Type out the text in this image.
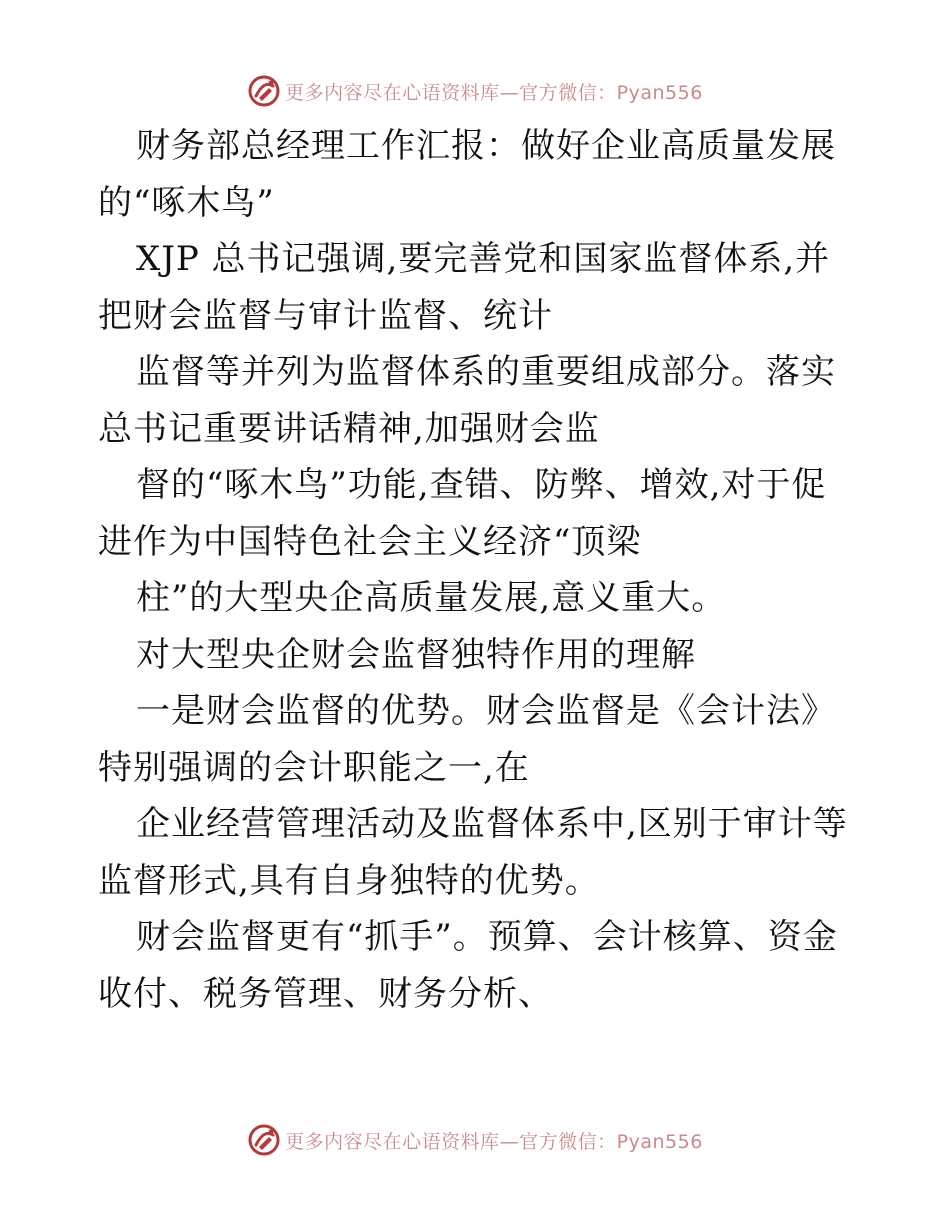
更多内容尽在心语资料库—官方微信：Pyan556

财务部总经理工作汇报：做好企业高质量发展的“啄木鸟”

XJP 总书记强调,要完善党和国家监督体系,并把财会监督与审计监督、统计

监督等并列为监督体系的重要组成部分。落实总书记重要讲话精神,加强财会监

督的“啄木鸟”功能,查错、防弊、增效,对于促进作为中国特色社会主义经济“顶梁

柱”的大型央企高质量发展,意义重大。

对大型央企财会监督独特作用的理解

一是财会监督的优势。财会监督是《会计法》特别强调的会计职能之一,在

企业经营管理活动及监督体系中,区别于审计等监督形式,具有自身独特的优势。

财会监督更有“抓手”。预算、会计核算、资金收付、税务管理、财务分析、

更多内容尽在心语资料库—官方微信：Pyan556
